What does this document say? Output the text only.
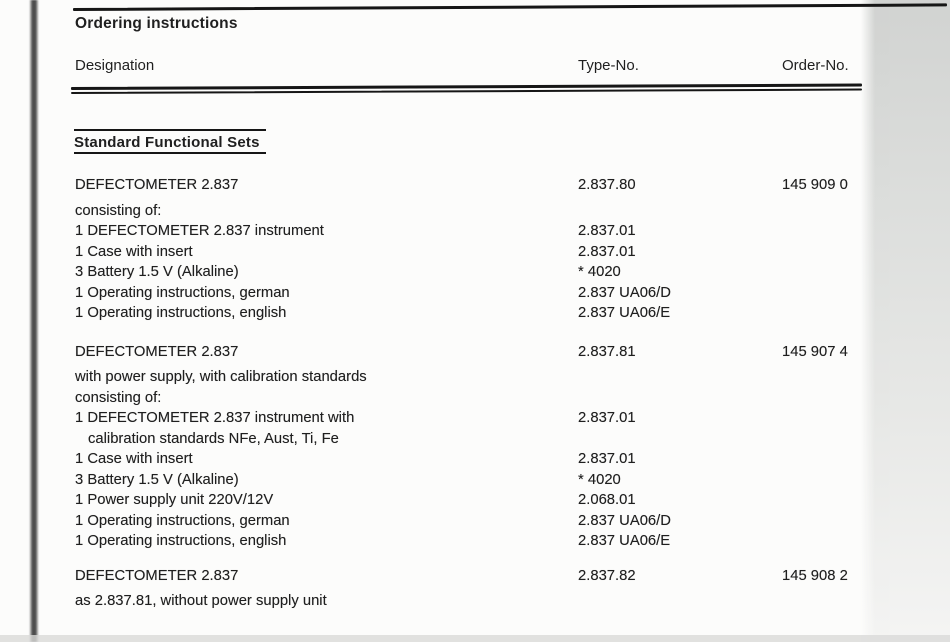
Ordering instructions
Designation	Type-No.	Order-No.
Standard Functional Sets
DEFECTOMETER 2.837	2.837.80	145 909 0
consisting of:
1 DEFECTOMETER 2.837 instrument	2.837.01
1 Case with insert	2.837.01
3 Battery 1.5 V (Alkaline)	* 4020
1 Operating instructions, german	2.837 UA06/D
1 Operating instructions, english	2.837 UA06/E
DEFECTOMETER 2.837	2.837.81	145 907 4
with power supply, with calibration standards
consisting of:
1 DEFECTOMETER 2.837 instrument with	2.837.01
calibration standards NFe, Aust, Ti, Fe
1 Case with insert	2.837.01
3 Battery 1.5 V (Alkaline)	* 4020
1 Power supply unit 220V/12V	2.068.01
1 Operating instructions, german	2.837 UA06/D
1 Operating instructions, english	2.837 UA06/E
DEFECTOMETER 2.837	2.837.82	145 908 2
as 2.837.81, without power supply unit
